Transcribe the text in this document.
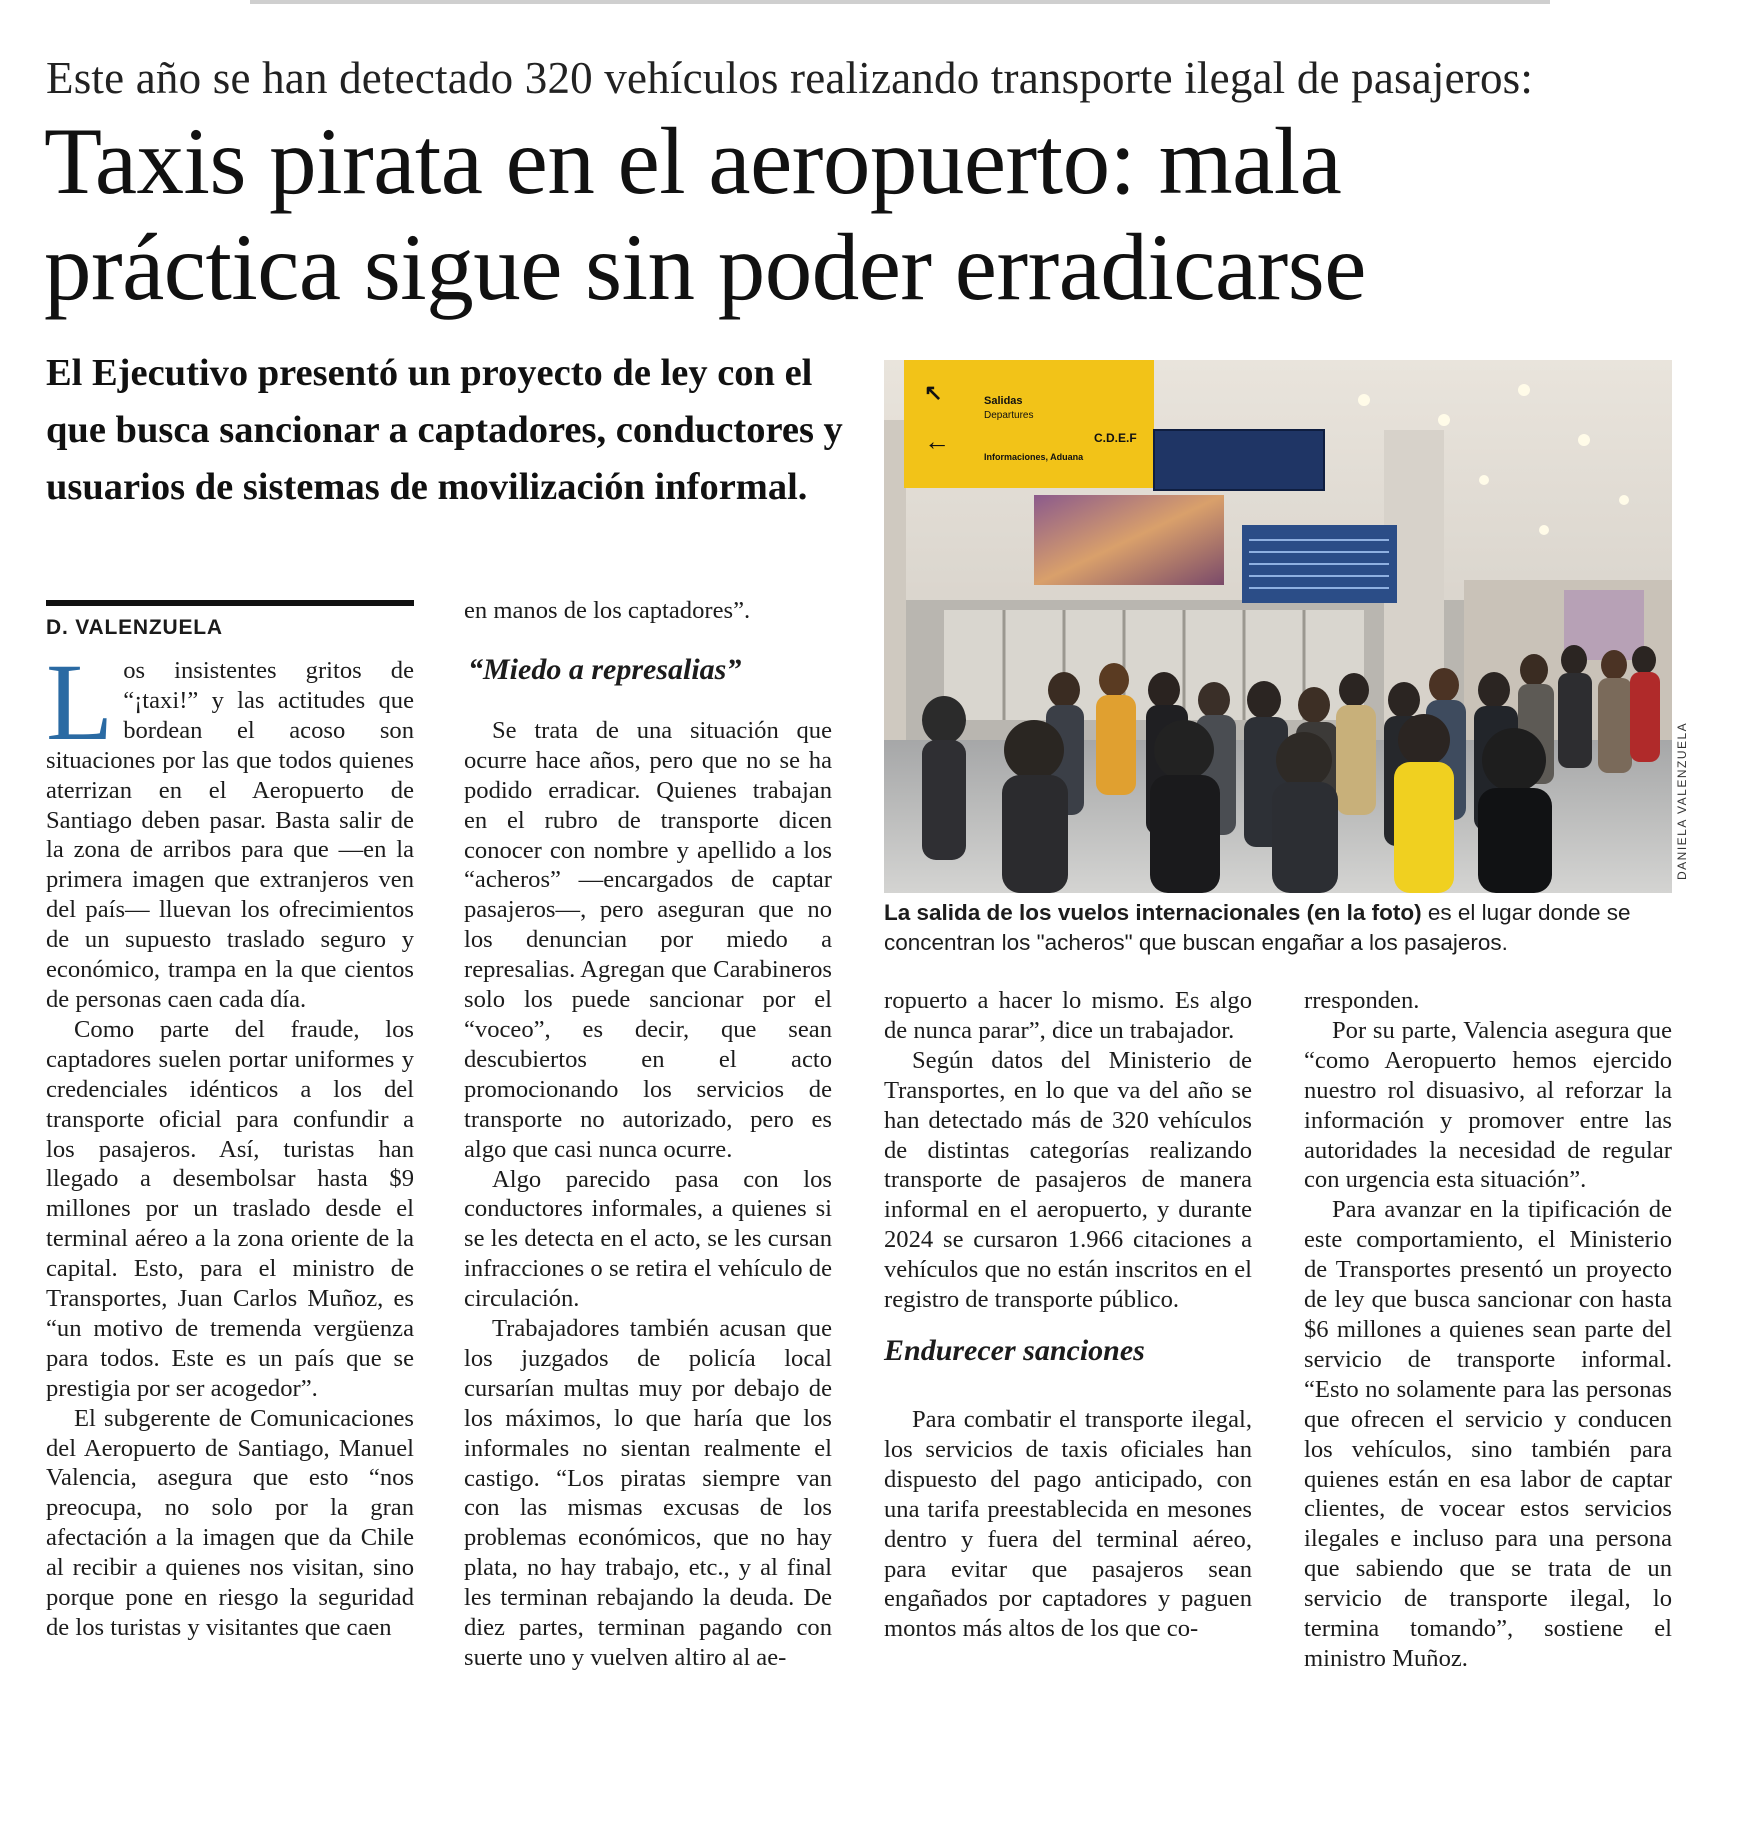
Este año se han detectado 320 vehículos realizando transporte ilegal de pasajeros:
Taxis pirata en el aeropuerto: mala
práctica sigue sin poder erradicarse
El Ejecutivo presentó un proyecto de ley con el que busca sancionar a captadores, conductores y usuarios de sistemas de movilización informal.
D. VALENZUELA

Los insistentes gritos de “¡taxi!” y las actitudes que bordean el acoso son situaciones por las que todos quienes aterrizan en el Aeropuerto de Santiago deben pasar. Basta salir de la zona de arribos para que —en la primera imagen que extranjeros ven del país— lluevan los ofrecimientos de un supuesto traslado seguro y económico, trampa en la que cientos de personas caen cada día.

Como parte del fraude, los captadores suelen portar uniformes y credenciales idénticos a los del transporte oficial para confundir a los pasajeros. Así, turistas han llegado a desembolsar hasta $9 millones por un traslado desde el terminal aéreo a la zona oriente de la capital. Esto, para el ministro de Transportes, Juan Carlos Muñoz, es “un motivo de tremenda vergüenza para todos. Este es un país que se prestigia por ser acogedor”.

El subgerente de Comunicaciones del Aeropuerto de Santiago, Manuel Valencia, asegura que esto “nos preocupa, no solo por la gran afectación a la imagen que da Chile al recibir a quienes nos visitan, sino porque pone en riesgo la seguridad de los turistas y visitantes que caen

en manos de los captadores”.

“Miedo a represalias”

Se trata de una situación que ocurre hace años, pero que no se ha podido erradicar. Quienes trabajan en el rubro de transporte dicen conocer con nombre y apellido a los “acheros” —encargados de captar pasajeros—, pero aseguran que no los denuncian por miedo a represalias. Agregan que Carabineros solo los puede sancionar por el “voceo”, es decir, que sean descubiertos en el acto promocionando los servicios de transporte no autorizado, pero es algo que casi nunca ocurre.

Algo parecido pasa con los conductores informales, a quienes si se les detecta en el acto, se les cursan infracciones o se retira el vehículo de circulación.

Trabajadores también acusan que los juzgados de policía local cursarían multas muy por debajo de los máximos, lo que haría que los informales no sientan realmente el castigo. “Los piratas siempre van con las mismas excusas de los problemas económicos, que no hay plata, no hay trabajo, etc., y al final les terminan rebajando la deuda. De diez partes, terminan pagando con suerte uno y vuelven altiro al ae-

↖
←
Salidas
Departures
C.D.E.F
Informaciones, Aduana
DANIELA VALENZUELA
La salida de los vuelos internacionales (en la foto) es el lugar donde se concentran los "acheros" que buscan engañar a los pasajeros.

ropuerto a hacer lo mismo. Es algo de nunca parar”, dice un trabajador.

Según datos del Ministerio de Transportes, en lo que va del año se han detectado más de 320 vehículos de distintas categorías realizando transporte de pasajeros de manera informal en el aeropuerto, y durante 2024 se cursaron 1.966 citaciones a vehículos que no están inscritos en el registro de transporte público.

Endurecer sanciones

Para combatir el transporte ilegal, los servicios de taxis oficiales han dispuesto del pago anticipado, con una tarifa preestablecida en mesones dentro y fuera del terminal aéreo, para evitar que pasajeros sean engañados por captadores y paguen montos más altos de los que co-

rresponden.

Por su parte, Valencia asegura que “como Aeropuerto hemos ejercido nuestro rol disuasivo, al reforzar la información y promover entre las autoridades la necesidad de regular con urgencia esta situación”.

Para avanzar en la tipificación de este comportamiento, el Ministerio de Transportes presentó un proyecto de ley que busca sancionar con hasta $6 millones a quienes sean parte del servicio de transporte informal. “Esto no solamente para las personas que ofrecen el servicio y conducen los vehículos, sino también para quienes están en esa labor de captar clientes, de vocear estos servicios ilegales e incluso para una persona que sabiendo que se trata de un servicio de transporte ilegal, lo termina tomando”, sostiene el ministro Muñoz.
